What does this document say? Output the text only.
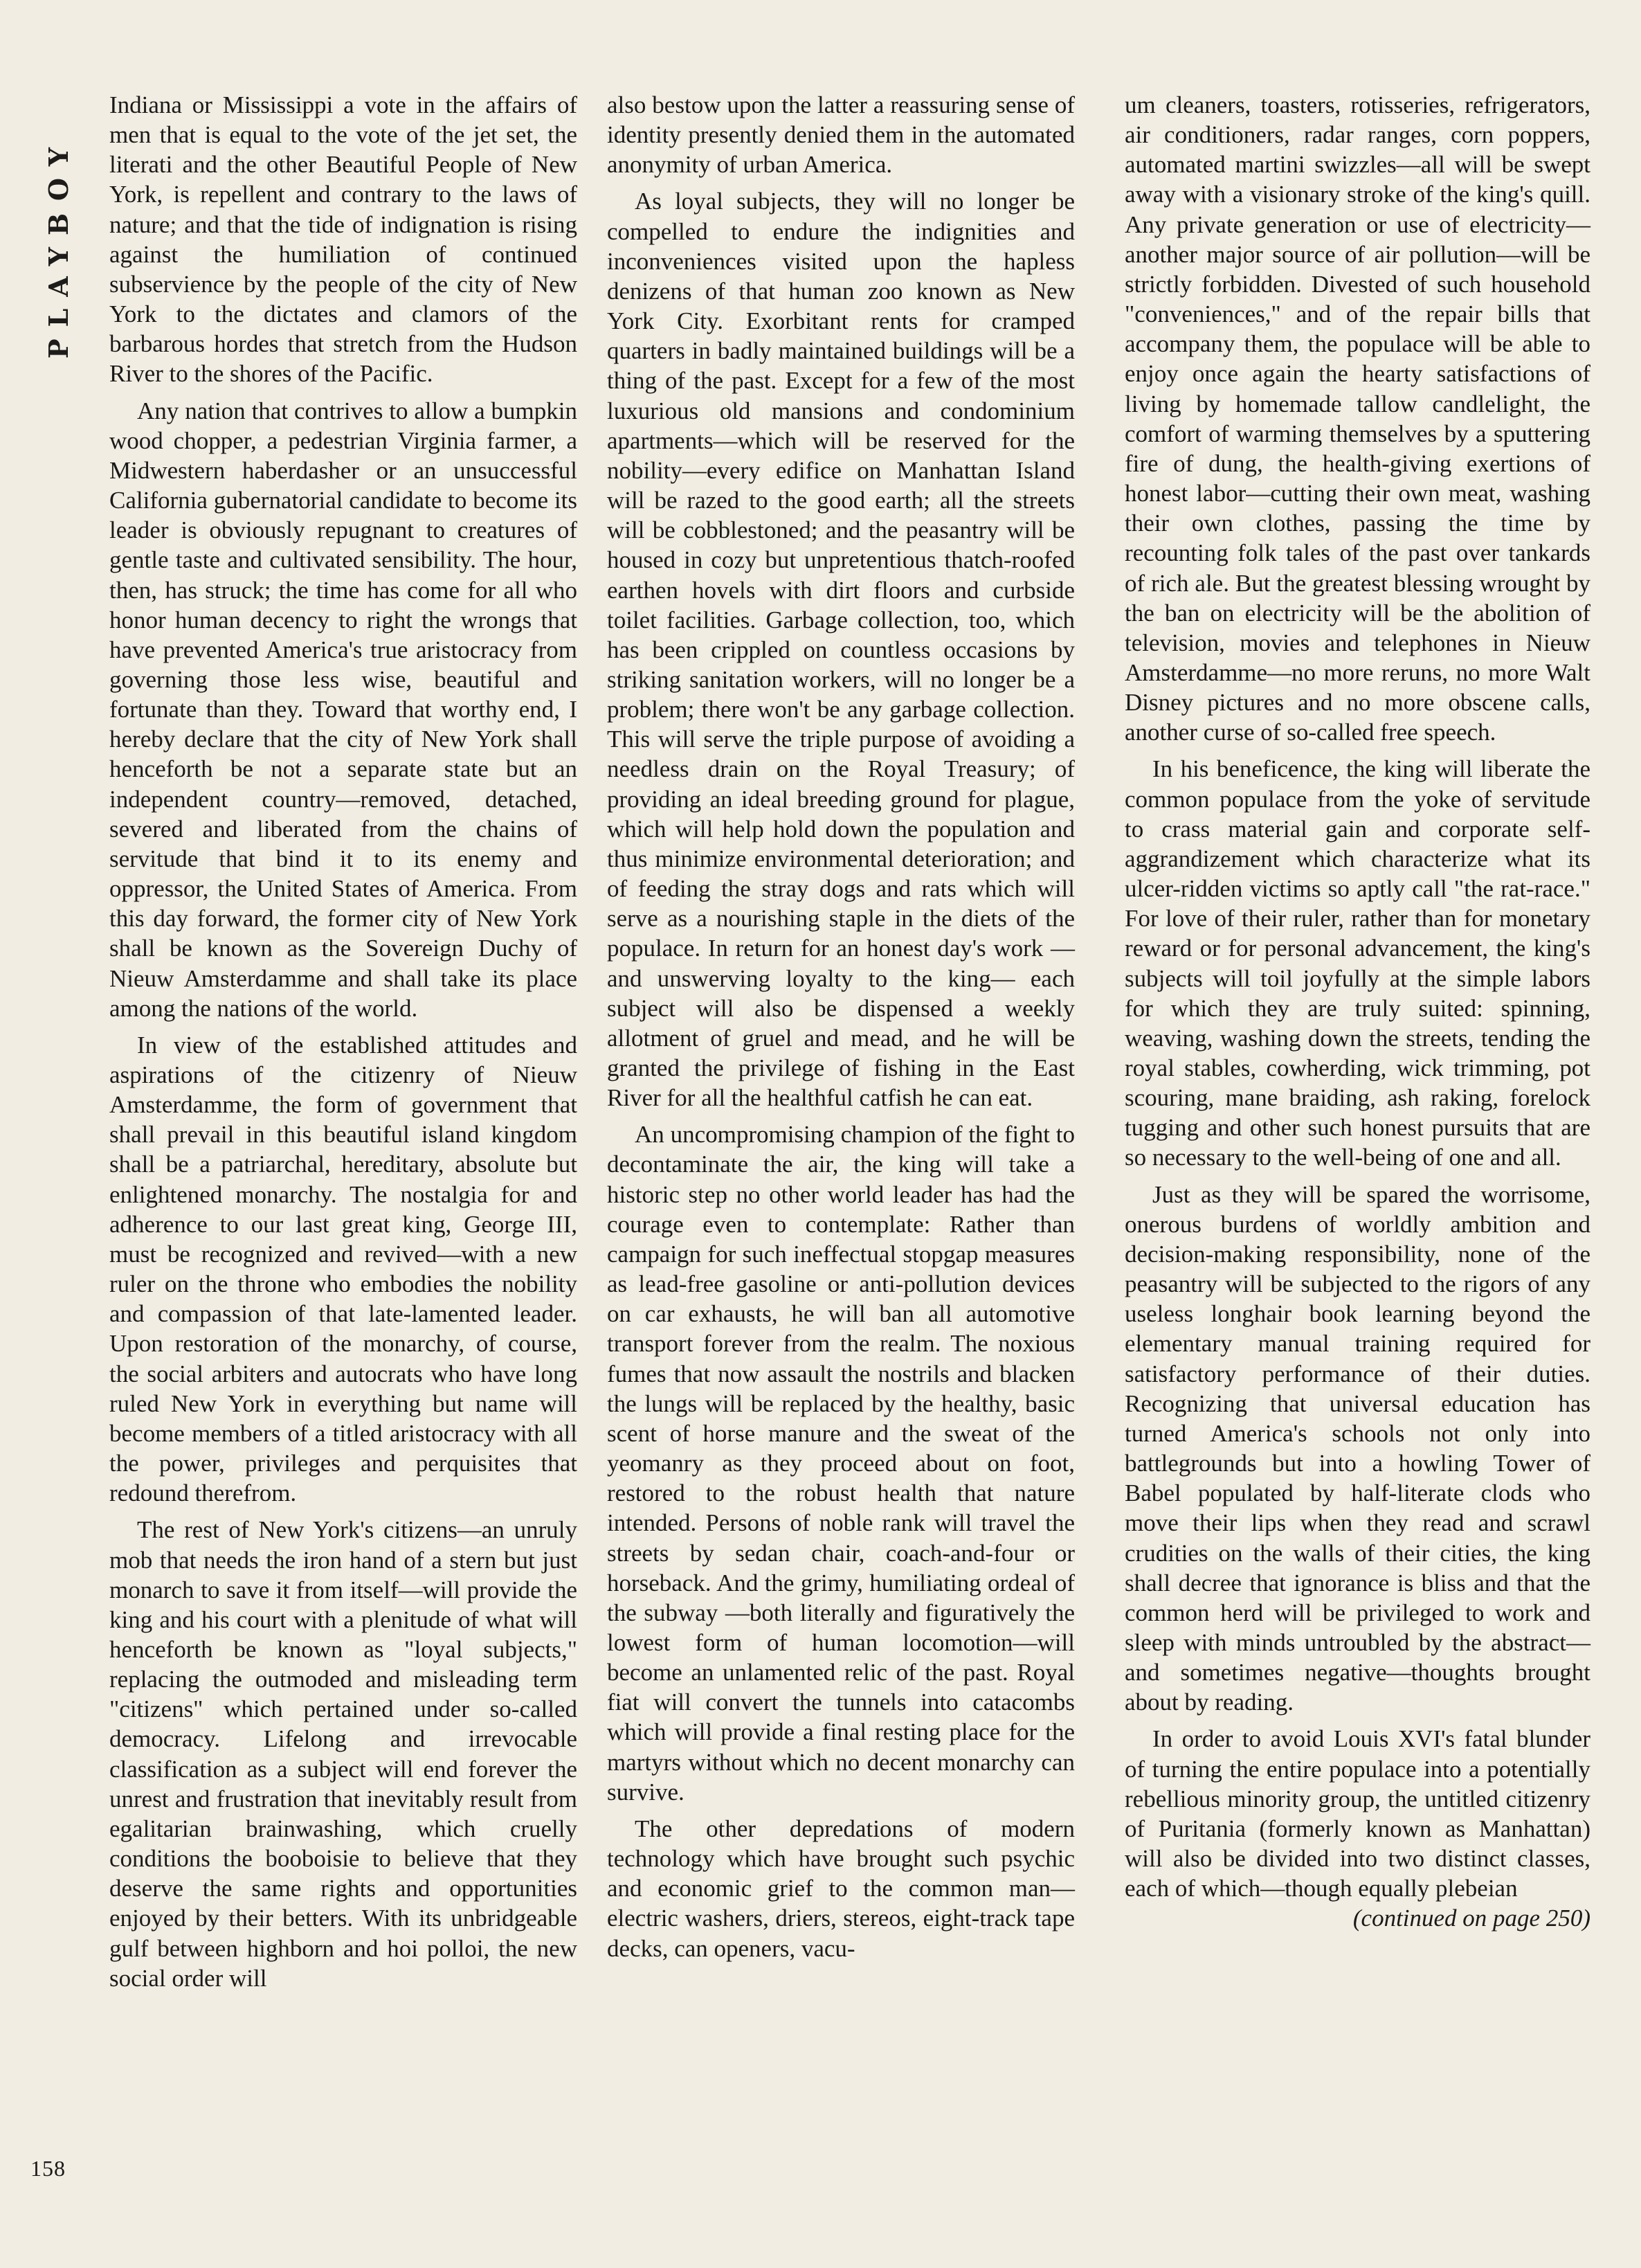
PLAYBOY
158

Indiana or Mississippi a vote in the affairs of men that is equal to the vote of the jet set, the literati and the other Beautiful People of New York, is repellent and contrary to the laws of nature; and that the tide of indignation is rising against the humiliation of continued subservience by the people of the city of New York to the dictates and clamors of the barbarous hordes that stretch from the Hudson River to the shores of the Pacific.

Any nation that contrives to allow a bumpkin wood chopper, a pedestrian Virginia farmer, a Midwestern haberdasher or an unsuccessful California gubernatorial candidate to become its leader is obviously repugnant to creatures of gentle taste and cultivated sensibility. The hour, then, has struck; the time has come for all who honor human decency to right the wrongs that have prevented America's true aristocracy from governing those less wise, beautiful and fortunate than they. Toward that worthy end, I hereby declare that the city of New York shall henceforth be not a separate state but an independent country—removed, detached, severed and liberated from the chains of servitude that bind it to its enemy and oppressor, the United States of America. From this day forward, the former city of New York shall be known as the Sovereign Duchy of Nieuw Amsterdamme and shall take its place among the nations of the world.

In view of the established attitudes and aspirations of the citizenry of Nieuw Amsterdamme, the form of government that shall prevail in this beautiful island kingdom shall be a patriarchal, hereditary, absolute but enlightened monarchy. The nostalgia for and adherence to our last great king, George III, must be recognized and revived—with a new ruler on the throne who embodies the nobility and compassion of that late-lamented leader. Upon restoration of the monarchy, of course, the social arbiters and autocrats who have long ruled New York in everything but name will become members of a titled aristocracy with all the power, privileges and perquisites that redound therefrom.

The rest of New York's citizens—an unruly mob that needs the iron hand of a stern but just monarch to save it from itself—will provide the king and his court with a plenitude of what will henceforth be known as "loyal subjects," replacing the outmoded and misleading term "citizens" which pertained under so-called democracy. Lifelong and irrevocable classification as a subject will end forever the unrest and frustration that inevitably result from egalitarian brainwashing, which cruelly conditions the booboisie to believe that they deserve the same rights and opportunities enjoyed by their betters. With its unbridgeable gulf between highborn and hoi polloi, the new social order will

also bestow upon the latter a reassuring sense of identity presently denied them in the automated anonymity of urban America.

As loyal subjects, they will no longer be compelled to endure the indignities and inconveniences visited upon the hapless denizens of that human zoo known as New York City. Exorbitant rents for cramped quarters in badly maintained buildings will be a thing of the past. Except for a few of the most luxurious old mansions and condominium apartments—which will be reserved for the nobility—every edifice on Manhattan Island will be razed to the good earth; all the streets will be cobblestoned; and the peasantry will be housed in cozy but unpretentious thatch-roofed earthen hovels with dirt floors and curbside toilet facilities. Garbage collection, too, which has been crippled on countless occasions by striking sanitation workers, will no longer be a problem; there won't be any garbage collection. This will serve the triple purpose of avoiding a needless drain on the Royal Treasury; of providing an ideal breeding ground for plague, which will help hold down the population and thus minimize environmental deterioration; and of feeding the stray dogs and rats which will serve as a nourishing staple in the diets of the populace. In return for an honest day's work —and unswerving loyalty to the king— each subject will also be dispensed a weekly allotment of gruel and mead, and he will be granted the privilege of fishing in the East River for all the healthful catfish he can eat.

An uncompromising champion of the fight to decontaminate the air, the king will take a historic step no other world leader has had the courage even to contemplate: Rather than campaign for such ineffectual stopgap measures as lead-free gasoline or anti-pollution devices on car exhausts, he will ban all automotive transport forever from the realm. The noxious fumes that now assault the nostrils and blacken the lungs will be replaced by the healthy, basic scent of horse manure and the sweat of the yeomanry as they proceed about on foot, restored to the robust health that nature intended. Persons of noble rank will travel the streets by sedan chair, coach-and-four or horseback. And the grimy, humiliating ordeal of the subway —both literally and figuratively the lowest form of human locomotion—will become an unlamented relic of the past. Royal fiat will convert the tunnels into catacombs which will provide a final resting place for the martyrs without which no decent monarchy can survive.

The other depredations of modern technology which have brought such psychic and economic grief to the common man—electric washers, driers, stereos, eight-track tape decks, can openers, vacu-

um cleaners, toasters, rotisseries, refrigerators, air conditioners, radar ranges, corn poppers, automated martini swizzles—all will be swept away with a visionary stroke of the king's quill. Any private generation or use of electricity—another major source of air pollution—will be strictly forbidden. Divested of such household "conveniences," and of the repair bills that accompany them, the populace will be able to enjoy once again the hearty satisfactions of living by homemade tallow candlelight, the comfort of warming themselves by a sputtering fire of dung, the health-giving exertions of honest labor—cutting their own meat, washing their own clothes, passing the time by recounting folk tales of the past over tankards of rich ale. But the greatest blessing wrought by the ban on electricity will be the abolition of television, movies and telephones in Nieuw Amsterdamme—no more reruns, no more Walt Disney pictures and no more obscene calls, another curse of so-called free speech.

In his beneficence, the king will liberate the common populace from the yoke of servitude to crass material gain and corporate self-aggrandizement which characterize what its ulcer-ridden victims so aptly call "the rat-race." For love of their ruler, rather than for monetary reward or for personal advancement, the king's subjects will toil joyfully at the simple labors for which they are truly suited: spinning, weaving, washing down the streets, tending the royal stables, cowherding, wick trimming, pot scouring, mane braiding, ash raking, forelock tugging and other such honest pursuits that are so necessary to the well-being of one and all.

Just as they will be spared the worrisome, onerous burdens of worldly ambition and decision-making responsibility, none of the peasantry will be subjected to the rigors of any useless longhair book learning beyond the elementary manual training required for satisfactory performance of their duties. Recognizing that universal education has turned America's schools not only into battlegrounds but into a howling Tower of Babel populated by half-literate clods who move their lips when they read and scrawl crudities on the walls of their cities, the king shall decree that ignorance is bliss and that the common herd will be privileged to work and sleep with minds untroubled by the abstract—and sometimes negative—thoughts brought about by reading.

In order to avoid Louis XVI's fatal blunder of turning the entire populace into a potentially rebellious minority group, the untitled citizenry of Puritania (formerly known as Manhattan) will also be divided into two distinct classes, each of which—though equally plebeian

(continued on page 250)
